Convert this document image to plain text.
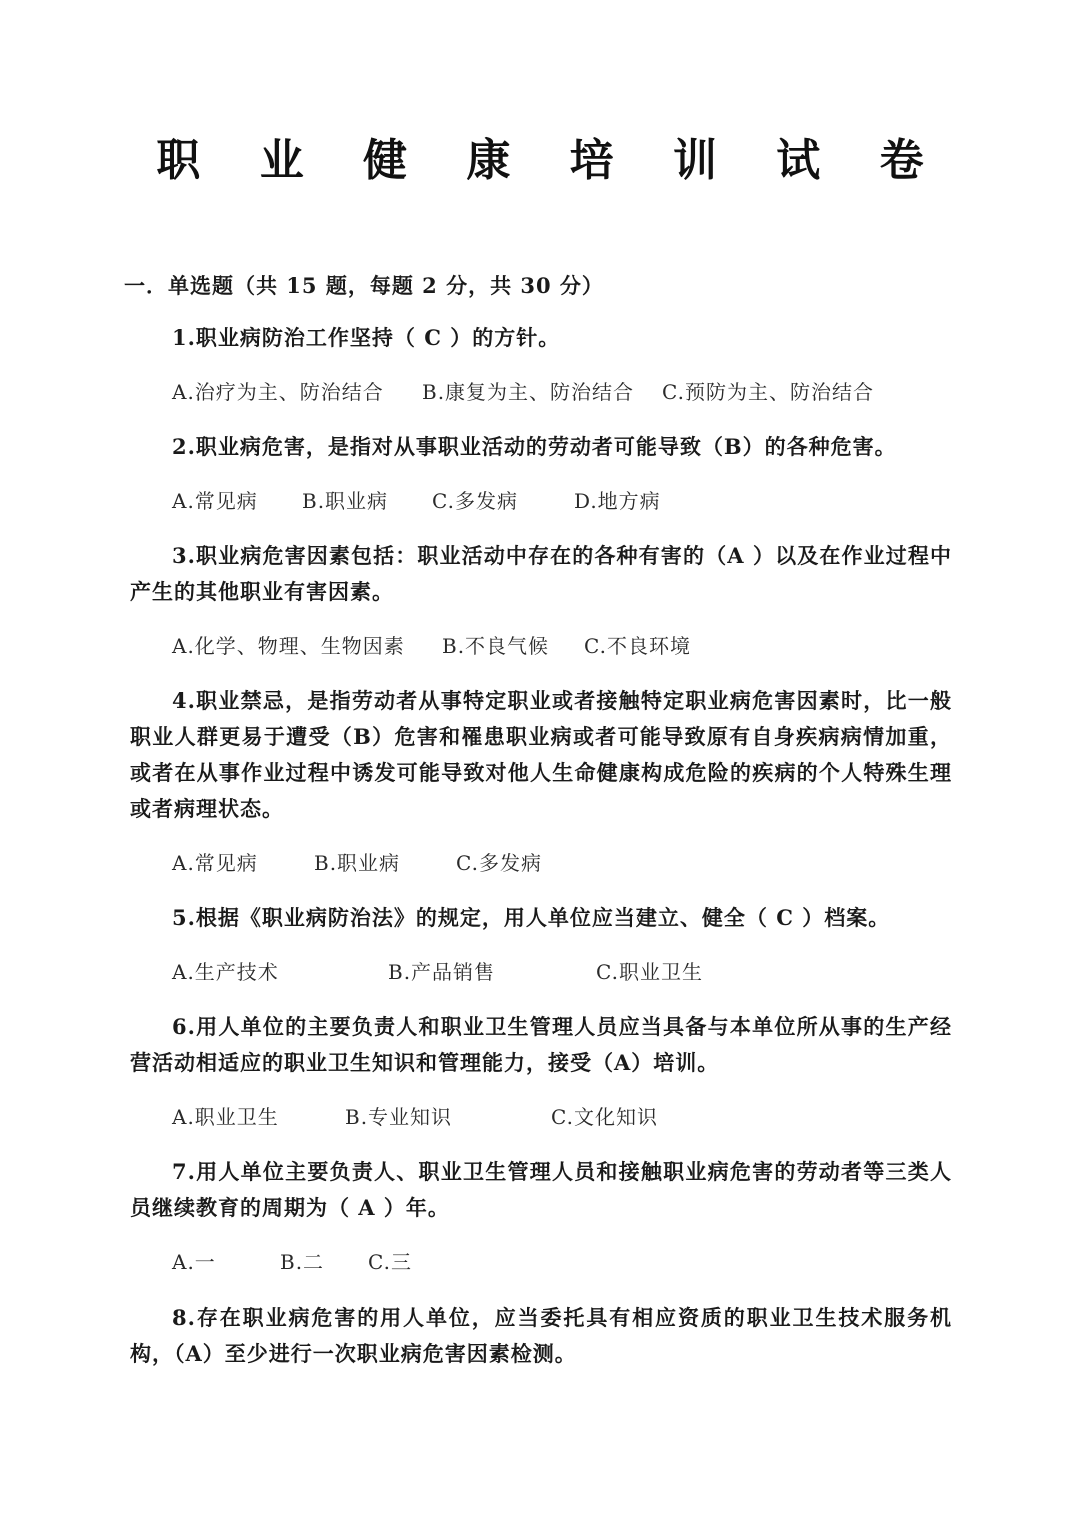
职 业 健 康 培 训 试 卷
一．单选题（共 15 题，每题 2 分，共 30 分）
1.职业病防治工作坚持（ C ）的方针。
A.治疗为主、防治结合 B.康复为主、防治结合 C.预防为主、防治结合
2.职业病危害，是指对从事职业活动的劳动者可能导致（B）的各种危害。
A.常见病 B.职业病 C.多发病	D.地方病
3.职业病危害因素包括：职业活动中存在的各种有害的（A ）以及在作业过程中产生的其他职业有害因素。
A.化学、物理、生物因素 B.不良气候 C.不良环境
4.职业禁忌，是指劳动者从事特定职业或者接触特定职业病危害因素时，比一般职业人群更易于遭受（B）危害和罹患职业病或者可能导致原有自身疾病病情加重，或者在从事作业过程中诱发可能导致对他人生命健康构成危险的疾病的个人特殊生理或者病理状态。
A.常见病	B.职业病	C.多发病
5.根据《职业病防治法》的规定，用人单位应当建立、健全（ C ）档案。
A.生产技术	B.产品销售	C.职业卫生
6.用人单位的主要负责人和职业卫生管理人员应当具备与本单位所从事的生产经营活动相适应的职业卫生知识和管理能力，接受（A）培训。
A.职业卫生	B.专业知识	C.文化知识
7.用人单位主要负责人、职业卫生管理人员和接触职业病危害的劳动者等三类人员继续教育的周期为（ A ）年。
A.一	B.二 C.三
8.存在职业病危害的用人单位，应当委托具有相应资质的职业卫生技术服务机构，（A）至少进行一次职业病危害因素检测。
